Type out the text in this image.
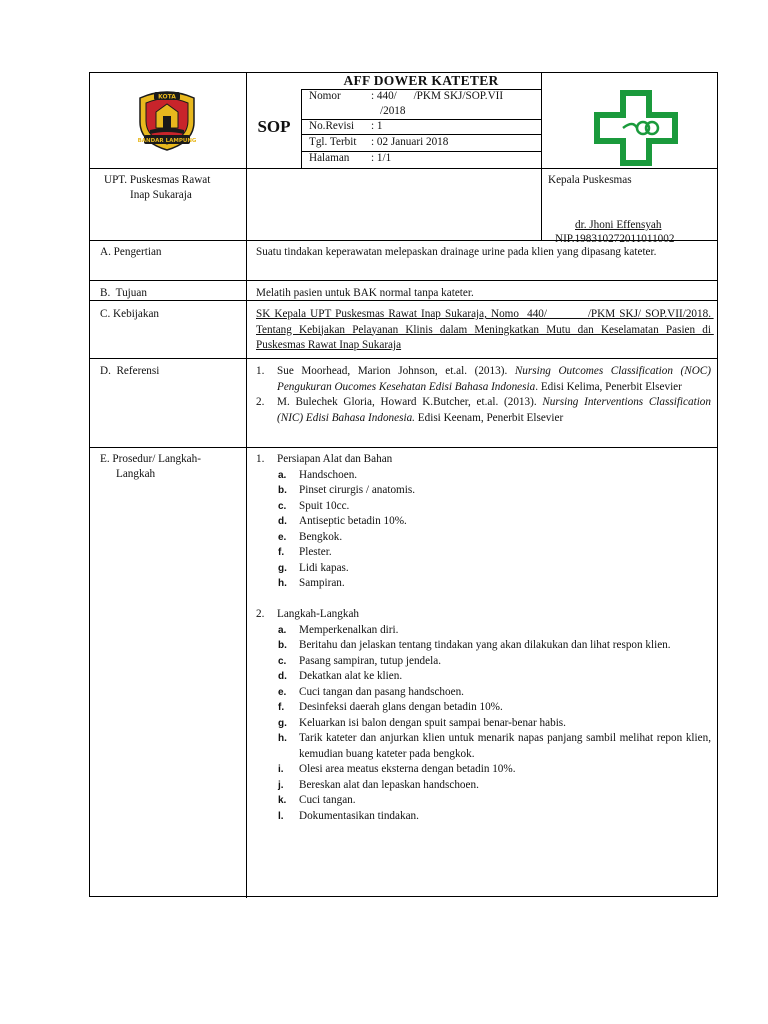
KOTA
BANDAR LAMPUNG
AFF DOWER KATETER
SOP
Nomor	: 440/      /PKM SKJ/SOP.VII
/2018
No.Revisi : 1
Tgl. Terbit : 02 Januari 2018
Halaman : 1/1
UPT. Puskesmas Rawat
Inap Sukaraja
Kepala Puskesmas
dr. Jhoni Effensyah
NIP.198310272011011002
A. Pengertian	Suatu tindakan keperawatan melepaskan drainage urine pada klien yang dipasang kateter.
B.  Tujuan	Melatih pasien untuk BAK normal tanpa kateter.
C. Kebijakan	SK Kepala UPT Puskesmas Rawat Inap Sukaraja, Nomo  440/          /PKM SKJ/ SOP.VII/2018. Tentang Kebijakan Pelayanan Klinis dalam Meningkatkan Mutu dan Keselamatan Pasien di Puskesmas Rawat Inap Sukaraja
D.  Referensi	1. Sue Moorhead, Marion Johnson, et.al. (2013). Nursing Outcomes Classification (NOC) Pengukuran Oucomes Kesehatan Edisi Bahasa Indonesia. Edisi Kelima, Penerbit Elsevier
2. M. Bulechek Gloria, Howard K.Butcher, et.al. (2013). Nursing Interventions Classification (NIC) Edisi Bahasa Indonesia. Edisi Keenam, Penerbit Elsevier
E. Prosedur/ Langkah-
Langkah
1. Persiapan Alat dan Bahan
a. Handschoen.
b. Pinset cirurgis / anatomis.
c. Spuit 10cc.
d. Antiseptic betadin 10%.
e. Bengkok.
f. Plester.
g. Lidi kapas.
h. Sampiran.
2. Langkah-Langkah
a. Memperkenalkan diri.
b. Beritahu dan jelaskan tentang tindakan yang akan dilakukan dan lihat respon klien.
c. Pasang sampiran, tutup jendela.
d. Dekatkan alat ke klien.
e. Cuci tangan dan pasang handschoen.
f. Desinfeksi daerah glans dengan betadin 10%.
g. Keluarkan isi balon dengan spuit sampai benar-benar habis.
h. Tarik kateter dan anjurkan klien untuk menarik napas panjang sambil melihat repon klien, kemudian buang kateter pada bengkok.
i. Olesi area meatus eksterna dengan betadin 10%.
j. Bereskan alat dan lepaskan handschoen.
k. Cuci tangan.
l. Dokumentasikan tindakan.
